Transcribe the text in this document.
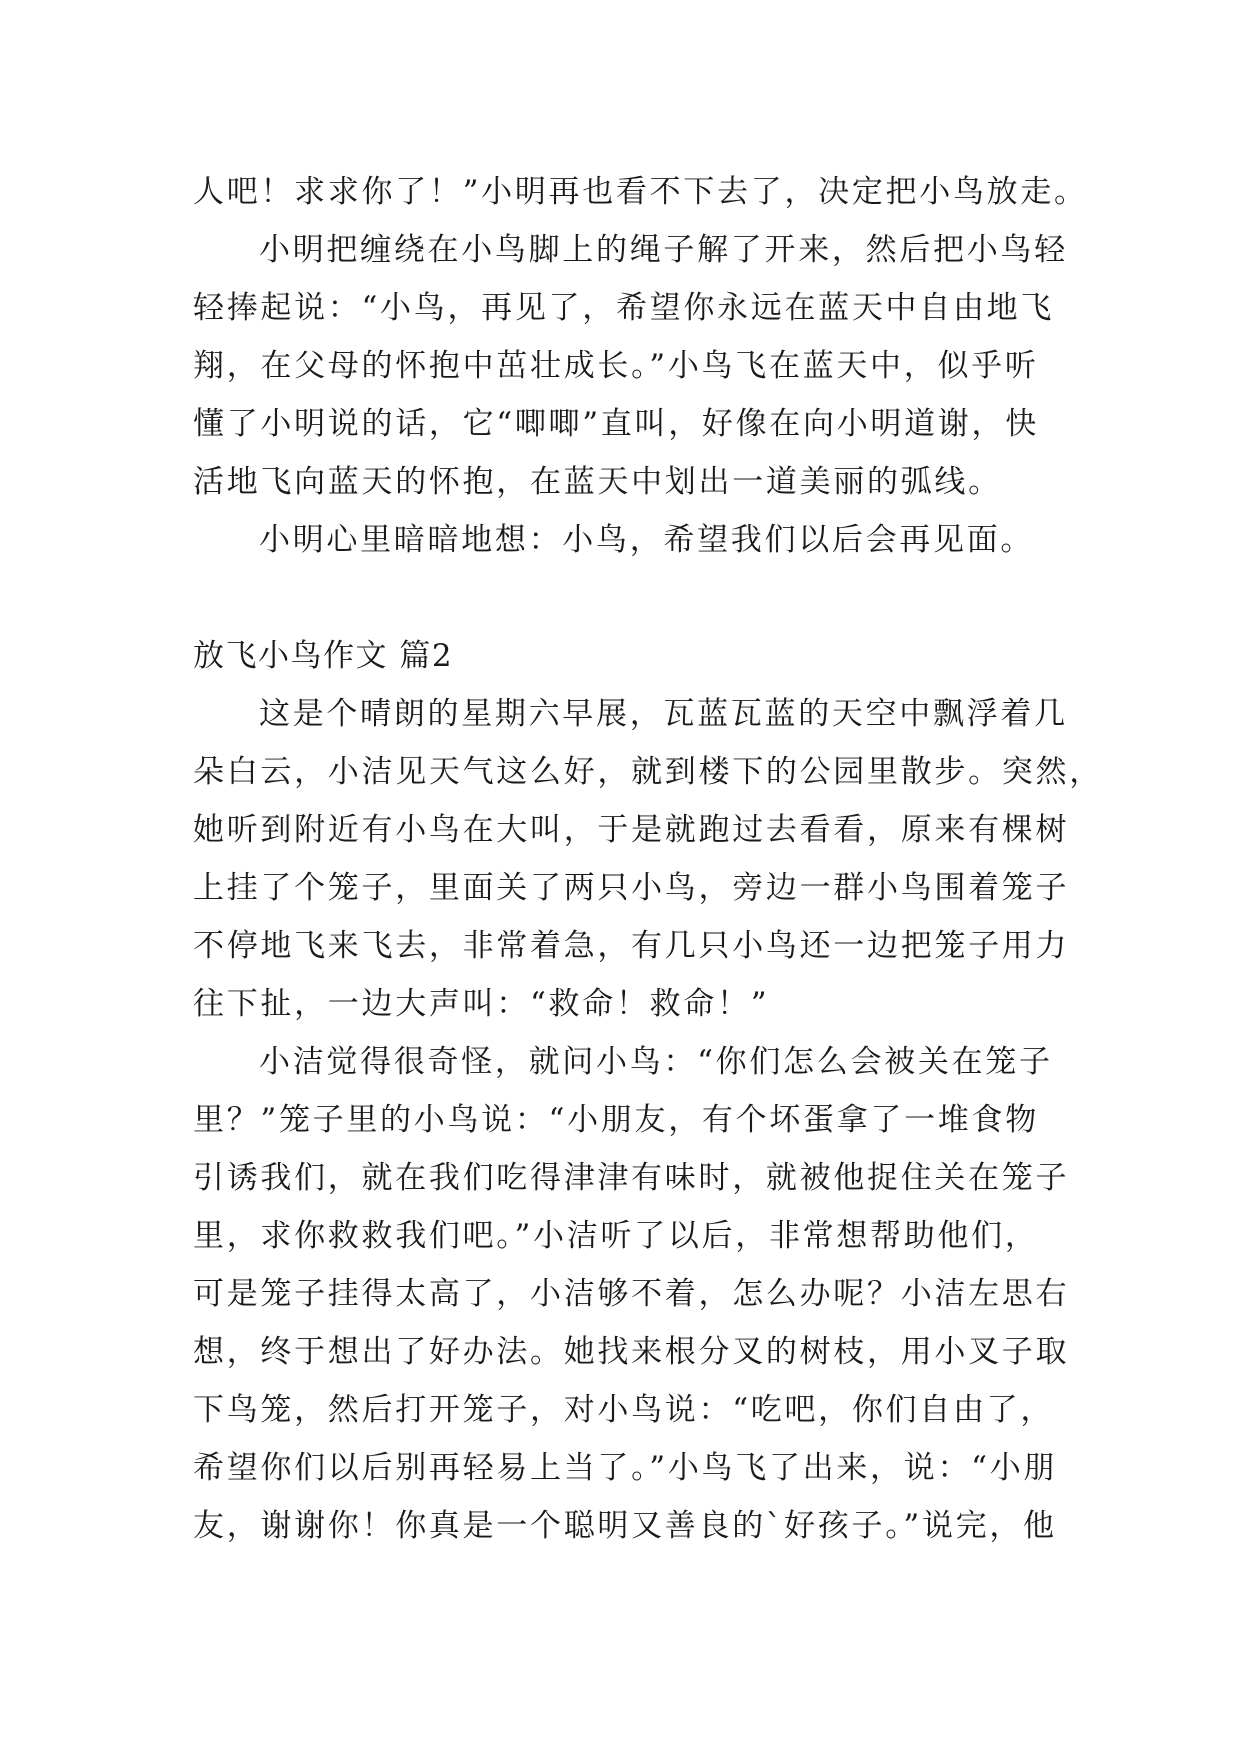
人吧！求求你了！”小明再也看不下去了，决定把小鸟放走。
小明把缠绕在小鸟脚上的绳子解了开来，然后把小鸟轻
轻捧起说：“小鸟，再见了，希望你永远在蓝天中自由地飞
翔，在父母的怀抱中茁壮成长。”小鸟飞在蓝天中，似乎听
懂了小明说的话，它“唧唧”直叫，好像在向小明道谢，快
活地飞向蓝天的怀抱，在蓝天中划出一道美丽的弧线。
小明心里暗暗地想：小鸟，希望我们以后会再见面。
放飞小鸟作文 篇2
这是个晴朗的星期六早展，瓦蓝瓦蓝的天空中飘浮着几
朵白云，小洁见天气这么好，就到楼下的公园里散步。突然，
她听到附近有小鸟在大叫，于是就跑过去看看，原来有棵树
上挂了个笼子，里面关了两只小鸟，旁边一群小鸟围着笼子
不停地飞来飞去，非常着急，有几只小鸟还一边把笼子用力
往下扯，一边大声叫：“救命！救命！”
小洁觉得很奇怪，就问小鸟：“你们怎么会被关在笼子
里？”笼子里的小鸟说：“小朋友，有个坏蛋拿了一堆食物
引诱我们，就在我们吃得津津有味时，就被他捉住关在笼子
里，求你救救我们吧。”小洁听了以后，非常想帮助他们，
可是笼子挂得太高了，小洁够不着，怎么办呢？小洁左思右
想，终于想出了好办法。她找来根分叉的树枝，用小叉子取
下鸟笼，然后打开笼子，对小鸟说：“吃吧，你们自由了，
希望你们以后别再轻易上当了。”小鸟飞了出来，说：“小朋
友，谢谢你！你真是一个聪明又善良的`好孩子。”说完，他
